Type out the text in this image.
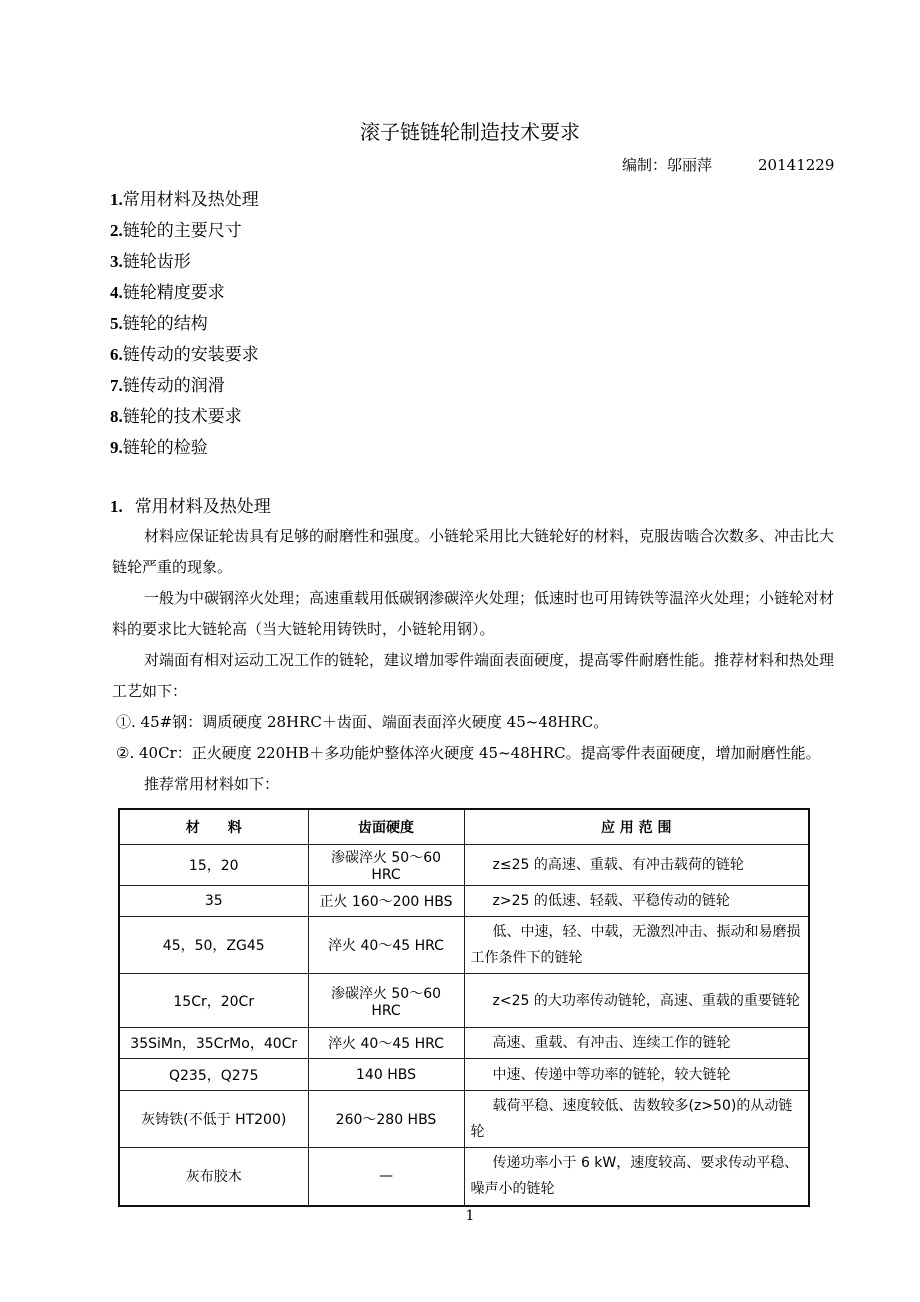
滚子链链轮制造技术要求
编制：邬丽萍	20141229
1.常用材料及热处理
2.链轮的主要尺寸
3.链轮齿形
4.链轮精度要求
5.链轮的结构
6.链传动的安装要求
7.链传动的润滑
8.链轮的技术要求
9.链轮的检验
1. 常用材料及热处理
材料应保证轮齿具有足够的耐磨性和强度。小链轮采用比大链轮好的材料，克服齿啮合次数多、冲击比大链轮严重的现象。
一般为中碳钢淬火处理；高速重载用低碳钢渗碳淬火处理；低速时也可用铸铁等温淬火处理；小链轮对材料的要求比大链轮高（当大链轮用铸铁时，小链轮用钢）。
对端面有相对运动工况工作的链轮，建议增加零件端面表面硬度，提高零件耐磨性能。推荐材料和热处理工艺如下：
①. 45#钢：调质硬度 28HRC＋齿面、端面表面淬火硬度 45~48HRC。
②. 40Cr：正火硬度 220HB＋多功能炉整体淬火硬度 45~48HRC。提高零件表面硬度，增加耐磨性能。
推荐常用材料如下：
材　　料	齿面硬度	应 用 范 围
15，20	渗碳淬火 50～60 HRC	z≤25 的高速、重载、有冲击载荷的链轮
35	正火 160～200 HBS	z>25 的低速、轻载、平稳传动的链轮
45，50，ZG45	淬火 40～45 HRC	低、中速，轻、中载，无激烈冲击、振动和易磨损工作条件下的链轮
15Cr，20Cr	渗碳淬火 50～60 HRC	z<25 的大功率传动链轮，高速、重载的重要链轮
35SiMn，35CrMo，40Cr	淬火 40～45 HRC	高速、重载、有冲击、连续工作的链轮
Q235，Q275	140 HBS	中速、传递中等功率的链轮，较大链轮
灰铸铁(不低于 HT200)	260～280 HBS	载荷平稳、速度较低、齿数较多(z>50)的从动链轮
灰布胶木	—	传递功率小于 6 kW，速度较高、要求传动平稳、噪声小的链轮
1
